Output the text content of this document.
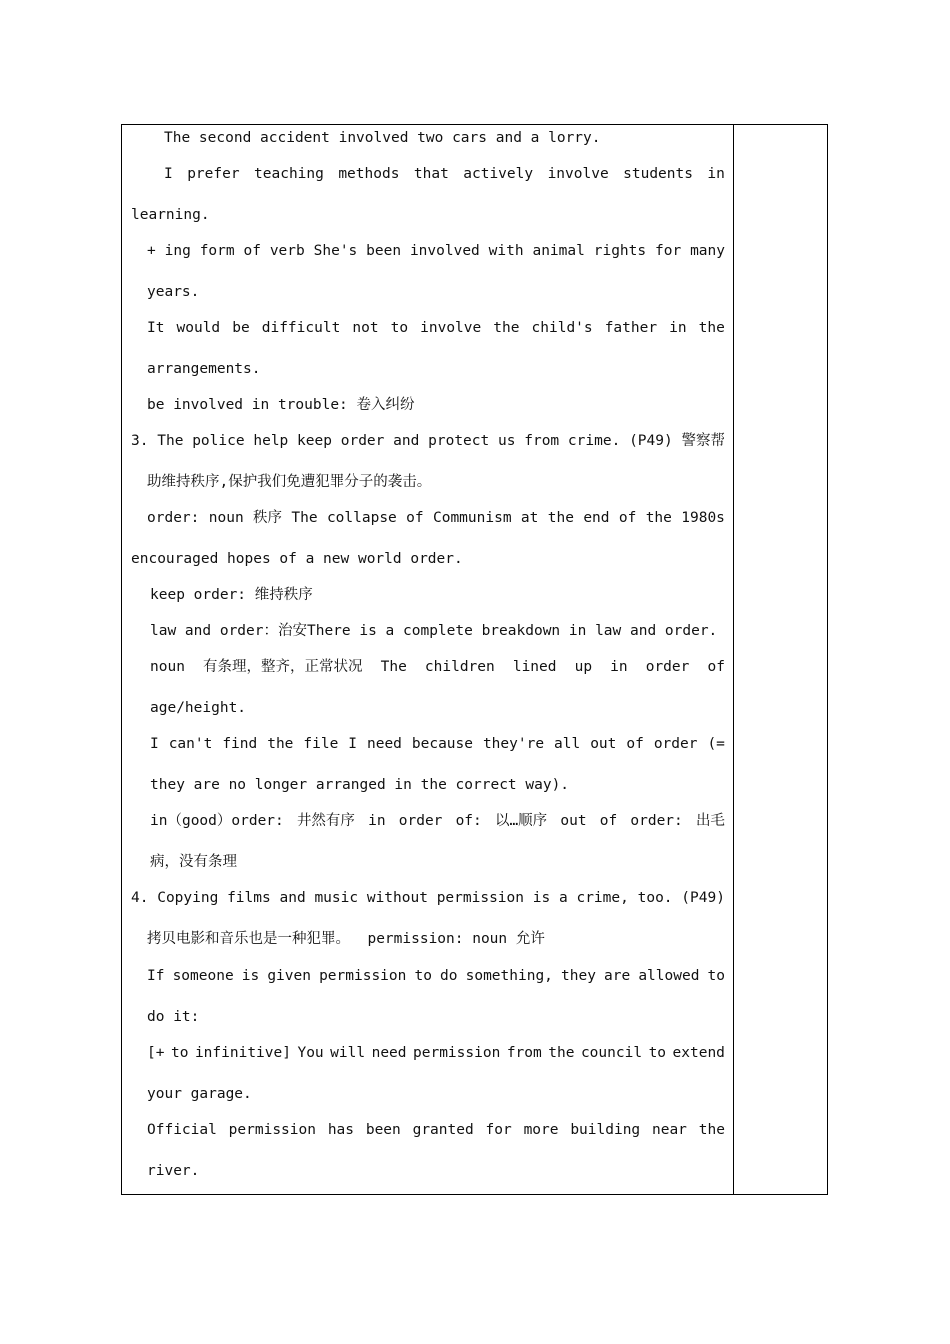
The second accident involved two cars and a lorry.
I prefer teaching methods that actively involve students in
learning.
+ ing form of verb She's been involved with animal rights for many
years.
It would be difficult not to involve the child's father in the
arrangements.
be involved in trouble: 卷入纠纷
3. The police help keep order and protect us from crime. (P49) 警察帮
助维持秩序,保护我们免遭犯罪分子的袭击。
order: noun 秩序 The collapse of Communism at the end of the 1980s
encouraged hopes of a new world order.
keep order: 维持秩序
law and order：治安There is a complete breakdown in law and order.
noun 有条理，整齐，正常状况 The children lined up in order of
age/height.
I can't find the file I need because they're all out of order (=
they are no longer arranged in the correct way).
in（good）order: 井然有序 in order of: 以…顺序 out of order: 出毛
病，没有条理
4. Copying films and music without permission is a crime, too. (P49)
拷贝电影和音乐也是一种犯罪。  permission: noun 允许
If someone is given permission to do something, they are allowed to
do it:
[+ to infinitive] You will need permission from the council to extend
your garage.
Official permission has been granted for more building near the
river.
